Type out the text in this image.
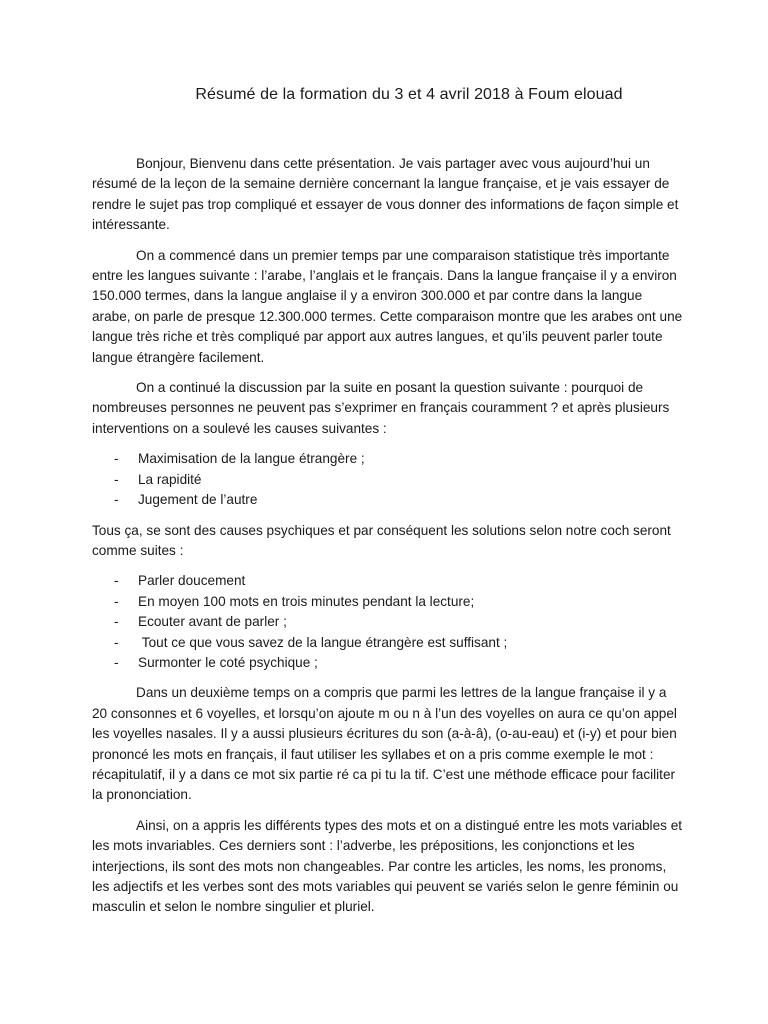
Résumé de la formation du 3 et 4 avril 2018 à Foum elouad

Bonjour, Bienvenu dans cette présentation. Je vais partager avec vous aujourd’hui un résumé de la leçon de la semaine dernière concernant la langue française, et je vais essayer de rendre le sujet pas trop compliqué et essayer de vous donner des informations de façon simple et intéressante.

On a commencé dans un premier temps par une comparaison statistique très importante entre les langues suivante : l’arabe, l’anglais et le français. Dans la langue française il y a environ 150.000 termes, dans la langue anglaise il y a environ 300.000 et par contre dans la langue arabe, on parle de presque 12.300.000 termes. Cette comparaison montre que les arabes ont une langue très riche et très compliqué par apport aux autres langues, et qu’ils peuvent parler toute langue étrangère facilement.

On a continué la discussion par la suite en posant la question suivante : pourquoi de nombreuses personnes ne peuvent pas s’exprimer en français couramment ? et après plusieurs interventions on a soulevé les causes suivantes :

- Maximisation de la langue étrangère ;
- La rapidité
- Jugement de l’autre

Tous ça, se sont des causes psychiques et par conséquent les solutions selon notre coch seront comme suites :

- Parler doucement
- En moyen 100 mots en trois minutes pendant la lecture;
- Ecouter avant de parler ;
- Tout ce que vous savez de la langue étrangère est suffisant ;
- Surmonter le coté psychique ;

Dans un deuxième temps on a compris que parmi les lettres de la langue française il y a 20 consonnes et 6 voyelles, et lorsqu’on ajoute m ou n à l’un des voyelles on aura ce qu’on appel les voyelles nasales. Il y a aussi plusieurs écritures du son (a-à-â), (o-au-eau) et (i-y) et pour bien prononcé les mots en français, il faut utiliser les syllabes et on a pris comme exemple le mot : récapitulatif, il y a dans ce mot six partie ré ca pi tu la tif. C’est une méthode efficace pour faciliter la prononciation.

Ainsi, on a appris les différents types des mots et on a distingué entre les mots variables et les mots invariables. Ces derniers sont : l’adverbe, les prépositions, les conjonctions et les interjections, ils sont des mots non changeables. Par contre les articles, les noms, les pronoms, les adjectifs et les verbes sont des mots variables qui peuvent se variés selon le genre féminin ou masculin et selon le nombre singulier et pluriel.
